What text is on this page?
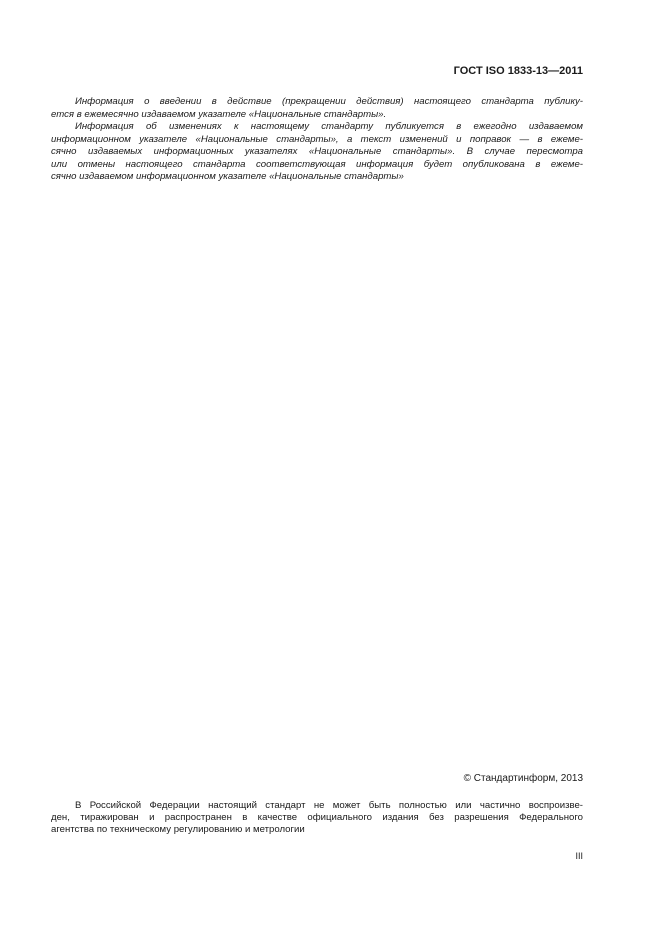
ГОСТ ISO 1833-13—2011
Информация о введении в действие (прекращении действия) настоящего стандарта публику-
ется в ежемесячно издаваемом указателе «Национальные стандарты».
Информация об изменениях к настоящему стандарту публикуется в ежегодно издаваемом
информационном указателе «Национальные стандарты», а текст изменений и поправок — в ежеме-
сячно издаваемых информационных указателях «Национальные стандарты». В случае пересмотра
или отмены настоящего стандарта соответствующая информация будет опубликована в ежеме-
сячно издаваемом информационном указателе «Национальные стандарты»
© Стандартинформ, 2013
В Российской Федерации настоящий стандарт не может быть полностью или частично воспроизве-
ден, тиражирован и распространен в качестве официального издания без разрешения Федерального
агентства по техническому регулированию и метрологии
III
